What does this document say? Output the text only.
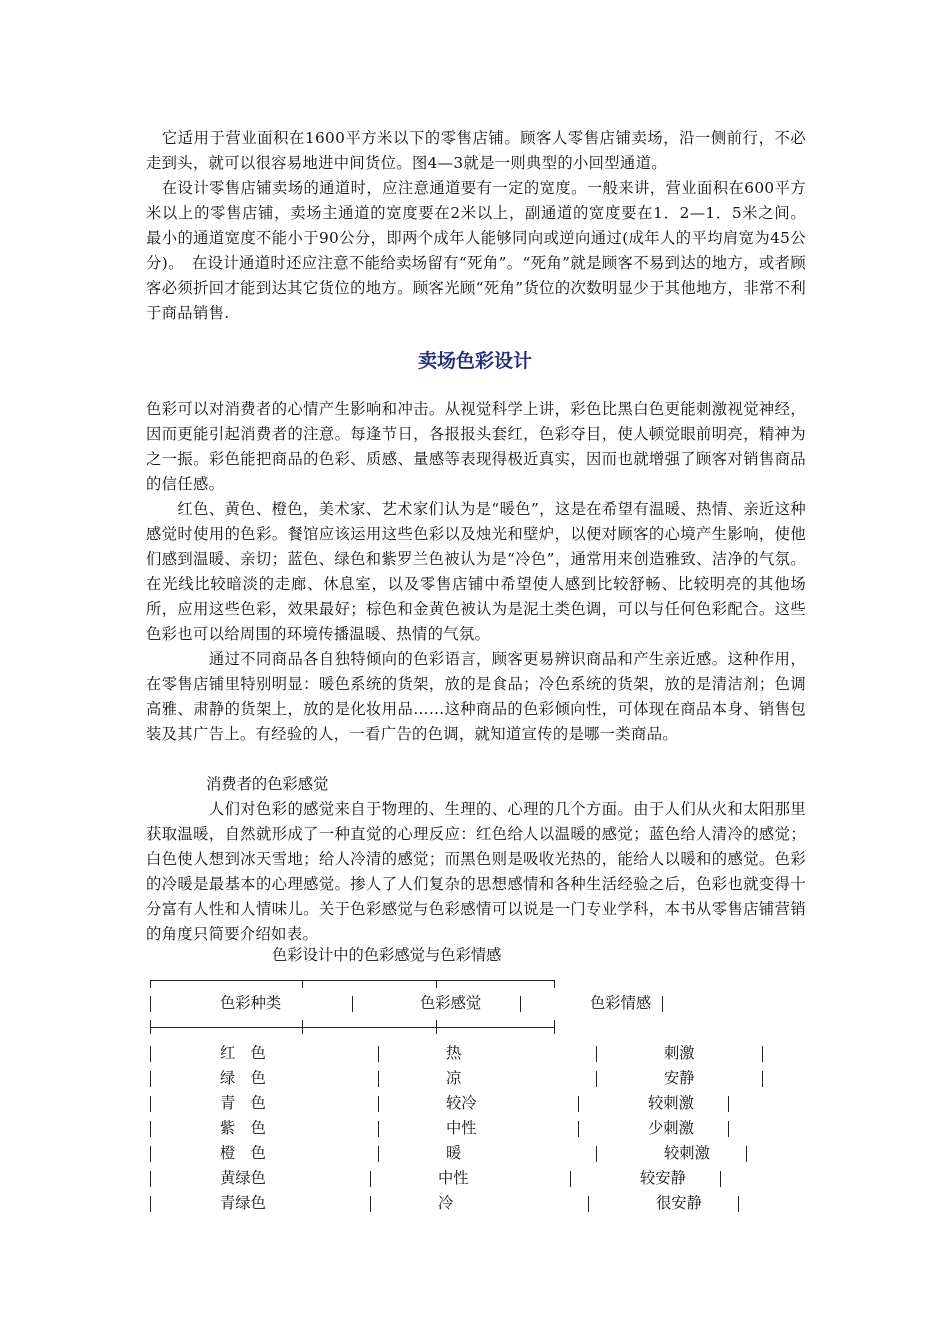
　它适用于营业面积在1600平方米以下的零售店铺。顾客人零售店铺卖场，沿一侧前行，不必走到头，就可以很容易地进中间货位。图4—3就是一则典型的小回型通道。

　在设计零售店铺卖场的通道时，应注意通道要有一定的宽度。一般来讲，营业面积在600平方米以上的零售店铺，卖场主通道的宽度要在2米以上，副通道的宽度要在1．2—1．5米之间。最小的通道宽度不能小于90公分，即两个成年人能够同向或逆向通过(成年人的平均肩宽为45公分)。　在设计通道时还应注意不能给卖场留有“死角”。“死角”就是顾客不易到达的地方，或者顾客必须折回才能到达其它货位的地方。顾客光顾“死角”货位的次数明显少于其他地方，非常不利于商品销售.

卖场色彩设计

色彩可以对消费者的心情产生影响和冲击。从视觉科学上讲，彩色比黑白色更能刺激视觉神经，因而更能引起消费者的注意。每逢节日，各报报头套红，色彩夺目，使人顿觉眼前明亮，精神为之一振。彩色能把商品的色彩、质感、量感等表现得极近真实，因而也就增强了顾客对销售商品的信任感。

　　红色、黄色、橙色，美术家、艺术家们认为是“暖色”，这是在希望有温暖、热情、亲近这种感觉时使用的色彩。餐馆应该运用这些色彩以及烛光和壁炉，以便对顾客的心境产生影响，使他们感到温暖、亲切；蓝色、绿色和紫罗兰色被认为是“冷色”，通常用来创造雅致、洁净的气氛。在光线比较暗淡的走廊、休息室，以及零售店铺中希望使人感到比较舒畅、比较明亮的其他场所，应用这些色彩，效果最好；棕色和金黄色被认为是泥土类色调，可以与任何色彩配合。这些色彩也可以给周围的环境传播温暖、热情的气氛。

　　　　通过不同商品各自独特倾向的色彩语言，顾客更易辨识商品和产生亲近感。这种作用，在零售店铺里特别明显：暖色系统的货架，放的是食品；冷色系统的货架，放的是清洁剂；色调高雅、肃静的货架上，放的是化妆用品……这种商品的色彩倾向性，可体现在商品本身、销售包装及其广告上。有经验的人，一看广告的色调，就知道宣传的是哪一类商品。

消费者的色彩感觉

　　　　人们对色彩的感觉来自于物理的、生理的、心理的几个方面。由于人们从火和太阳那里获取温暖，自然就形成了一种直觉的心理反应：红色给人以温暖的感觉；蓝色给人清冷的感觉；白色使人想到冰天雪地；给人冷清的感觉；而黑色则是吸收光热的，能给人以暖和的感觉。色彩的冷暖是最基本的心理感觉。掺人了人们复杂的思想感情和各种生活经验之后，色彩也就变得十分富有人性和人情味儿。关于色彩感觉与色彩感情可以说是一门专业学科，本书从零售店铺营销的角度只简要介绍如表。

色彩设计中的色彩感觉与色彩情感
色彩种类	色彩感觉	色彩情感
红　色	热	刺激
绿　色	凉	安静
青　色	较冷	较刺激
紫　色	中性	少刺激
橙　色	暖	较刺激
黄绿色	中性	较安静
青绿色	冷	很安静
